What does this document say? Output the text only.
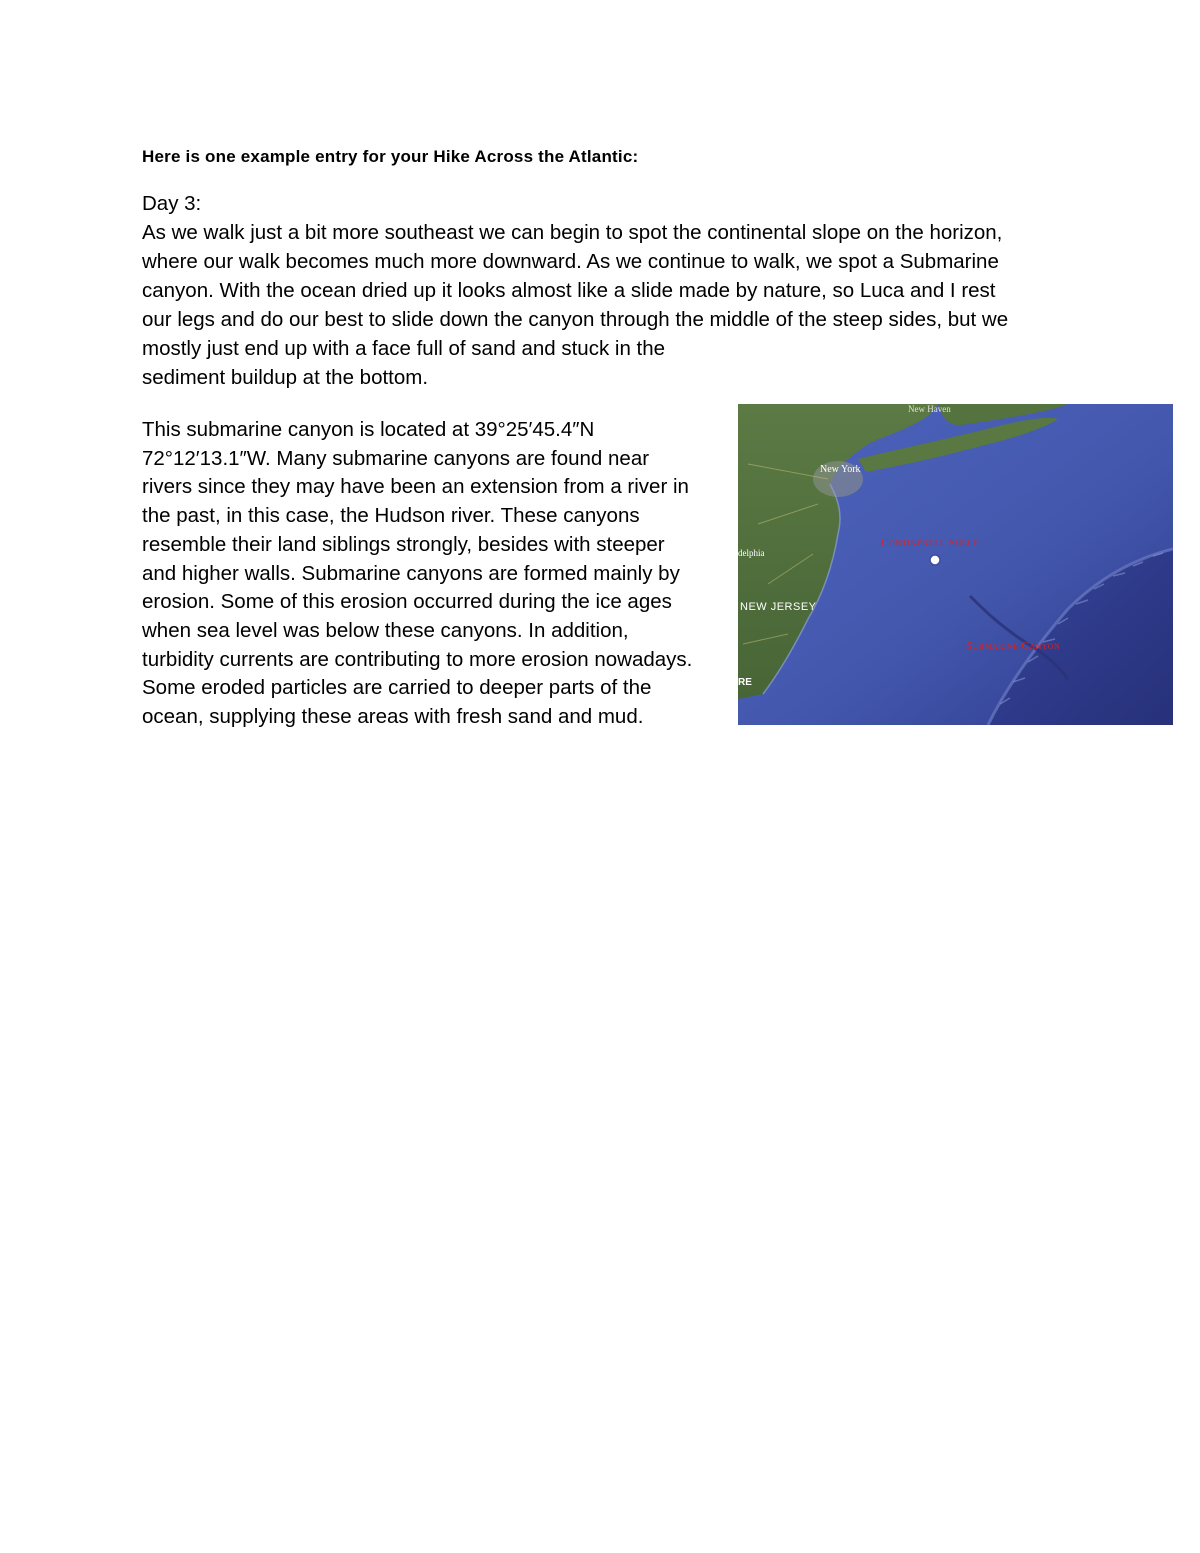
Here is one example entry for your Hike Across the Atlantic:
Day 3:
As we walk just a bit more southeast we can begin to spot the continental slope on the horizon,
where our walk becomes much more downward. As we continue to walk, we spot a Submarine
canyon. With the ocean dried up it looks almost like a slide made by nature, so Luca and I rest
our legs and do our best to slide down the canyon through the middle of the steep sides, but we
mostly just end up with a face full of sand and stuck in the
sediment buildup at the bottom.
This submarine canyon is located at 39°25′45.4″N
72°12′13.1″W. Many submarine canyons are found near
rivers since they may have been an extension from a river in
the past, in this case, the Hudson river. These canyons
resemble their land siblings strongly, besides with steeper
and higher walls. Submarine canyons are formed mainly by
erosion. Some of this erosion occurred during the ice ages
when sea level was below these canyons. In addition,
turbidity currents are contributing to more erosion nowadays.
Some eroded particles are carried to deeper parts of the
ocean, supplying these areas with fresh sand and mud.
New Haven
New York
delphia
NEW JERSEY
RE
Continental Shelf
Submarine Canyon
